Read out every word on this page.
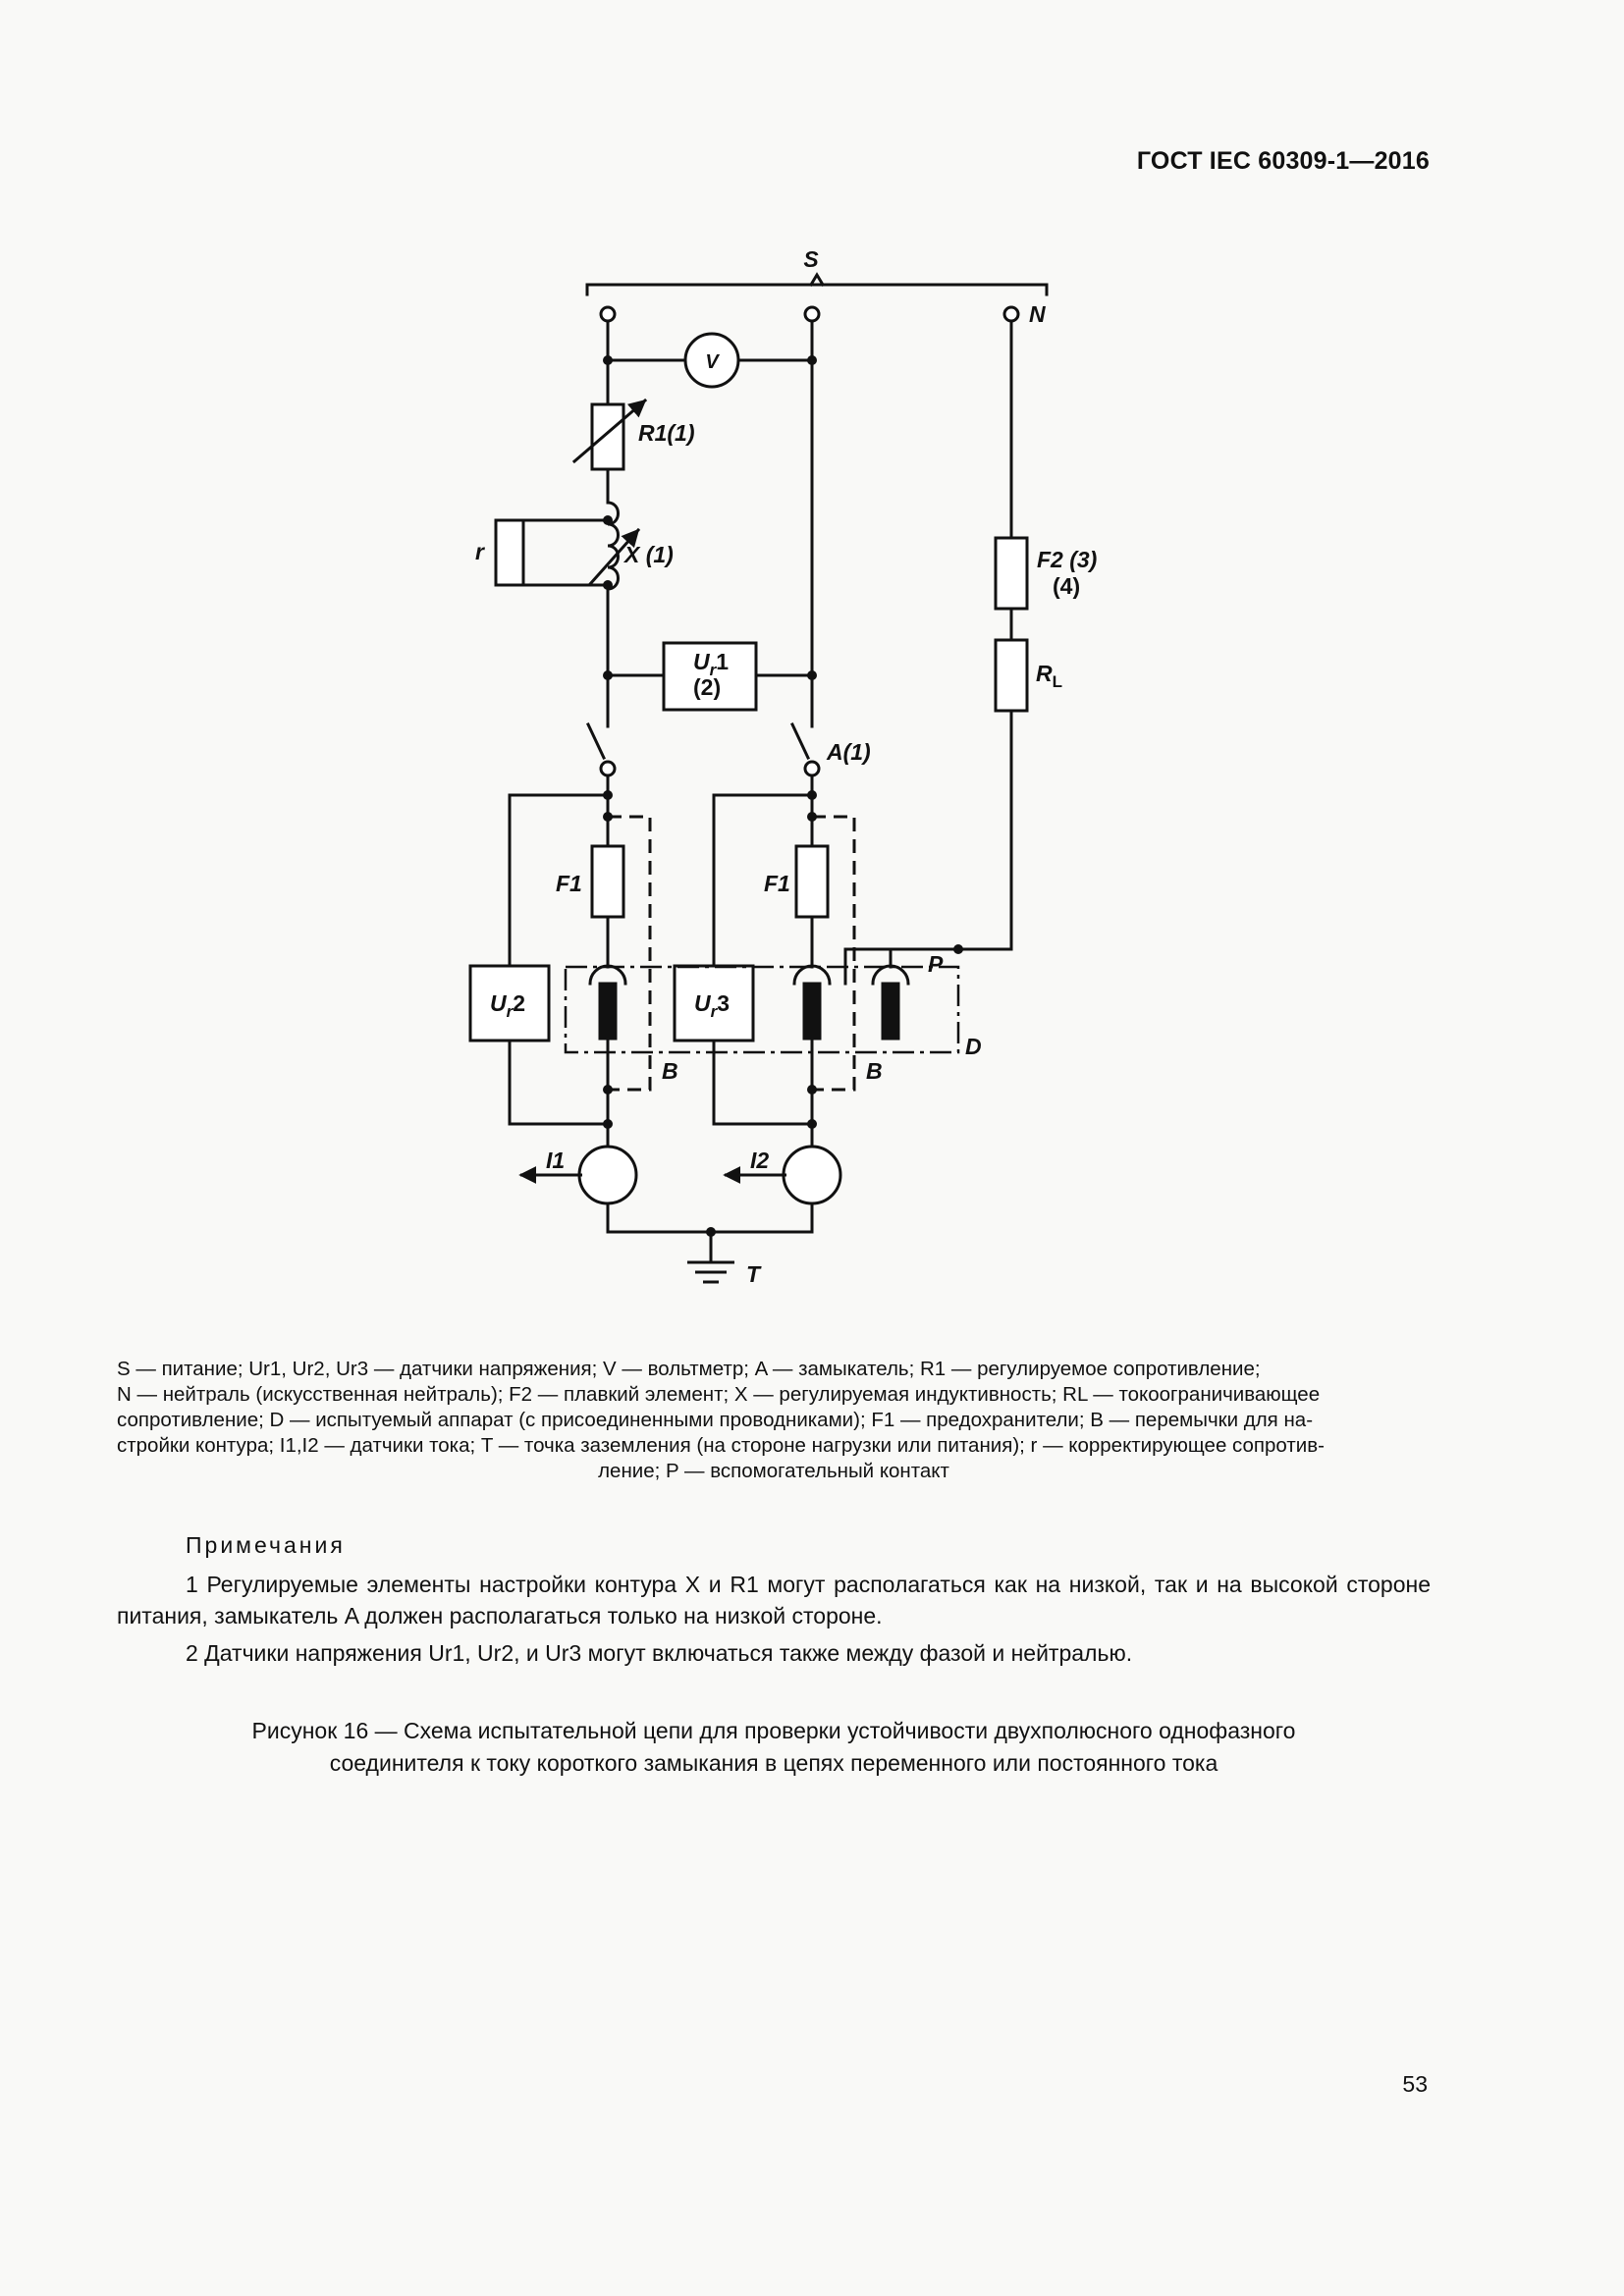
ГОСТ IEC 60309-1—2016
S
N
V
R1(1)
X (1)
r	F2 (3)
(4)
$R_L$
$U_r1$
(2)
A(1)
F1	F1
$U_r2$	$U_r3$
P
D
B	B
I1	I2
T
S — питание; Ur1, Ur2, Ur3 — датчики напряжения; V — вольтметр; A — замыкатель; R1 — регулируемое сопротивление;
N — нейтраль (искусственная нейтраль); F2 — плавкий элемент; X — регулируемая индуктивность; RL — токоограничивающее
сопротивление; D — испытуемый аппарат (с присоединенными проводниками); F1 — предохранители; B — перемычки для на-
стройки контура; I1,I2 — датчики тока; T — точка заземления (на стороне нагрузки или питания); r — корректирующее сопротив-
ление; P — вспомогательный контакт
Примечания
1 Регулируемые элементы настройки контура X и R1 могут располагаться как на низкой, так и на высокой стороне питания, замыкатель A должен располагаться только на низкой стороне.
2 Датчики напряжения Ur1, Ur2, и Ur3 могут включаться также между фазой и нейтралью.
Рисунок 16 — Схема испытательной цепи для проверки устойчивости двухполюсного однофазного
соединителя к току короткого замыкания в цепях переменного или постоянного тока
53
